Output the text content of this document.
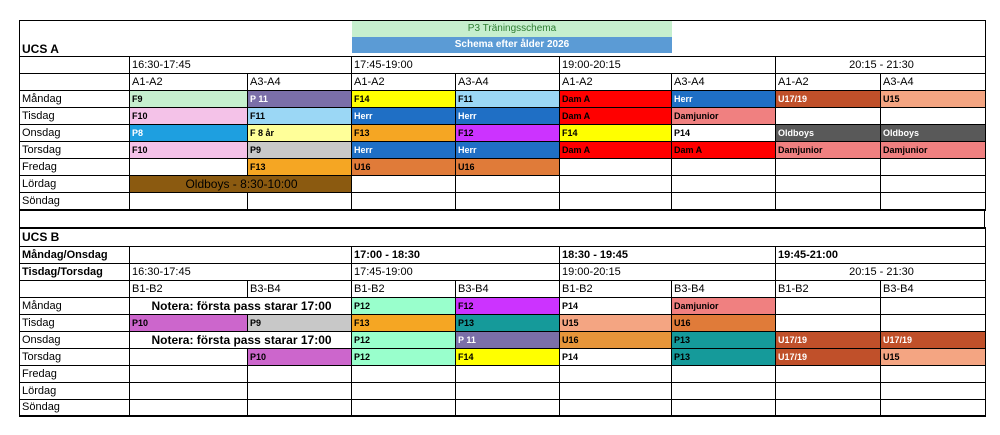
P3 Träningsschema
Schema efter ålder 2026
UCS A								
	16:30-17:45		17:45-19:00		19:00-20:15		20:15 - 21:30	
	A1-A2	A3-A4	A1-A2	A3-A4	A1-A2	A3-A4	A1-A2	A3-A4
Måndag	F9	P 11	F14	F11	Dam A	Herr	U17/19	U15
Tisdag	F10	F11	Herr	Herr	Dam A	Damjunior		
Onsdag	P8	F 8 år	F13	F12	F14	P14	Oldboys	Oldboys
Torsdag	F10	P9	Herr	Herr	Dam A	Dam A	Damjunior	Damjunior
Fredag		F13	U16	U16				
Lördag	Oldboys - 8:30-10:00							
Söndag								
UCS B								
Måndag/Onsdag			17:00 - 18:30		18:30 - 19:45		19:45-21:00	
Tisdag/Torsdag	16:30-17:45		17:45-19:00		19:00-20:15		20:15 - 21:30	
	B1-B2	B3-B4	B1-B2	B3-B4	B1-B2	B3-B4	B1-B2	B3-B4
Måndag	Notera: första pass starar 17:00		P12	F12	P14	Damjunior		
Tisdag	P10	P9	F13	P13	U15	U16		
Onsdag	Notera: första pass starar 17:00		P12	P 11	U16	P13	U17/19	U17/19
Torsdag		P10	P12	F14	P14	P13	U17/19	U15
Fredag								
Lördag								
Söndag								
